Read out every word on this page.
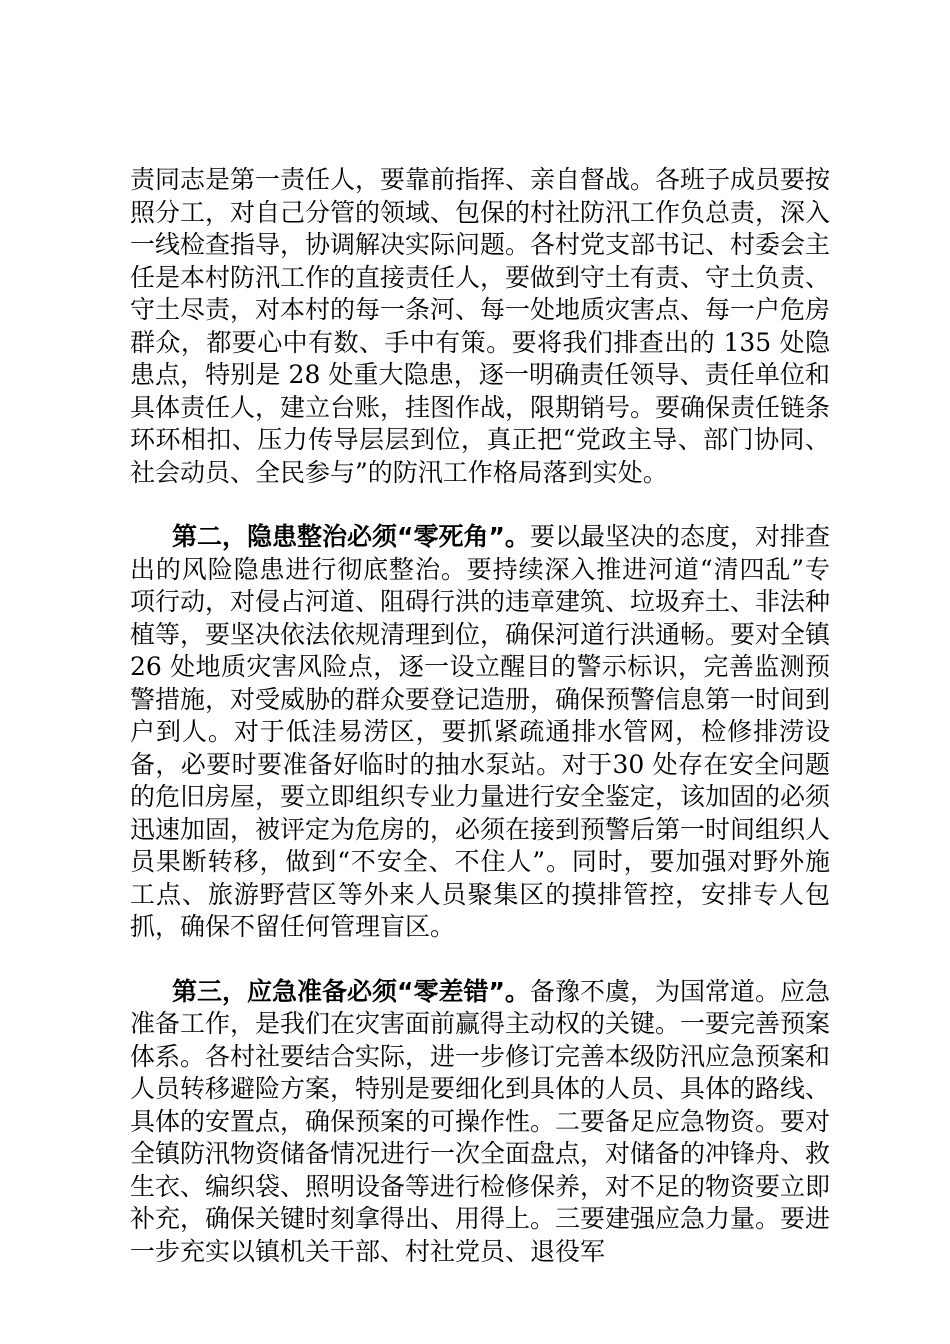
责同志是第一责任人，要靠前指挥、亲自督战。各班子成员要按照分工，对自己分管的领域、包保的村社防汛工作负总责，深入一线检查指导，协调解决实际问题。各村党支部书记、村委会主任是本村防汛工作的直接责任人，要做到守土有责、守土负责、守土尽责，对本村的每一条河、每一处地质灾害点、每一户危房群众，都要心中有数、手中有策。要将我们排查出的 135 处隐患点，特别是 28 处重大隐患，逐一明确责任领导、责任单位和具体责任人，建立台账，挂图作战，限期销号。要确保责任链条环环相扣、压力传导层层到位，真正把“党政主导、部门协同、社会动员、全民参与”的防汛工作格局落到实处。

第二，隐患整治必须“零死角”。要以最坚决的态度，对排查出的风险隐患进行彻底整治。要持续深入推进河道“清四乱”专项行动，对侵占河道、阻碍行洪的违章建筑、垃圾弃土、非法种植等，要坚决依法依规清理到位，确保河道行洪通畅。要对全镇 26 处地质灾害风险点，逐一设立醒目的警示标识，完善监测预警措施，对受威胁的群众要登记造册，确保预警信息第一时间到户到人。对于低洼易涝区，要抓紧疏通排水管网，检修排涝设备，必要时要准备好临时的抽水泵站。对于30 处存在安全问题的危旧房屋，要立即组织专业力量进行安全鉴定，该加固的必须迅速加固，被评定为危房的，必须在接到预警后第一时间组织人员果断转移，做到“不安全、不住人”。同时，要加强对野外施工点、旅游野营区等外来人员聚集区的摸排管控，安排专人包抓，确保不留任何管理盲区。

第三，应急准备必须“零差错”。备豫不虞，为国常道。应急准备工作，是我们在灾害面前赢得主动权的关键。一要完善预案体系。各村社要结合实际，进一步修订完善本级防汛应急预案和人员转移避险方案，特别是要细化到具体的人员、具体的路线、具体的安置点，确保预案的可操作性。二要备足应急物资。要对全镇防汛物资储备情况进行一次全面盘点，对储备的冲锋舟、救生衣、编织袋、照明设备等进行检修保养，对不足的物资要立即补充，确保关键时刻拿得出、用得上。三要建强应急力量。要进一步充实以镇机关干部、村社党员、退役军
